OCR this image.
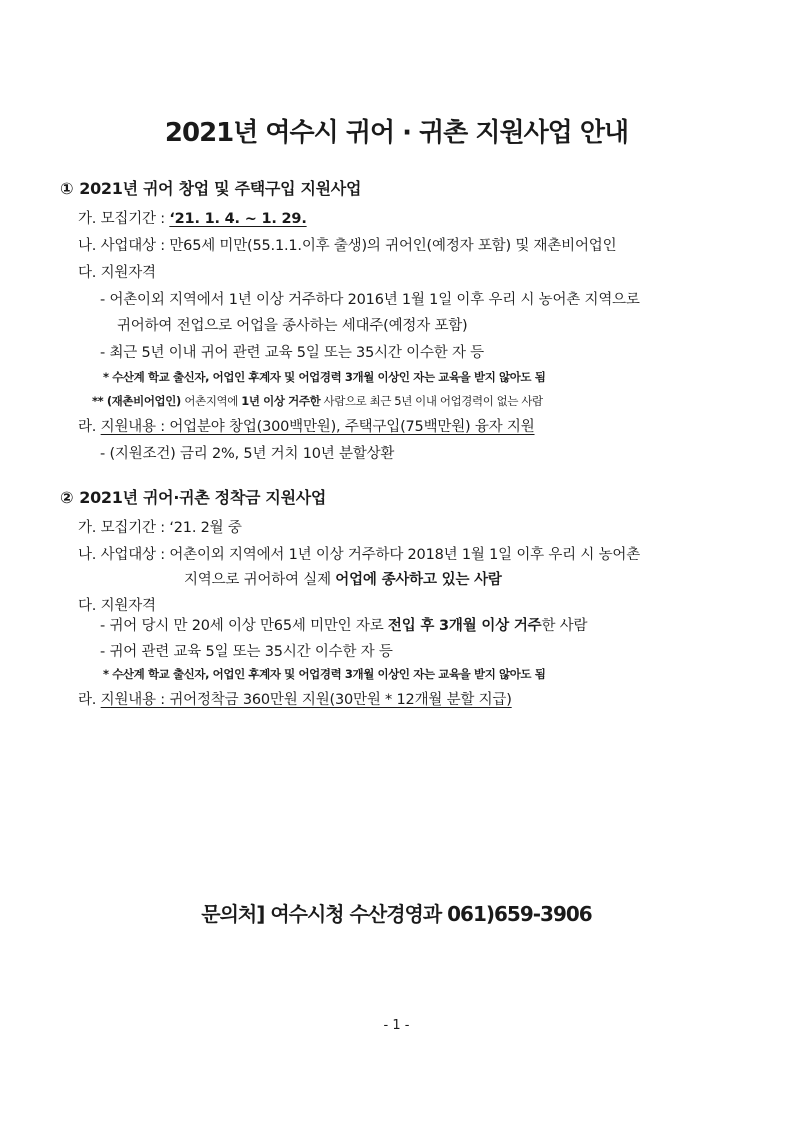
2021년 여수시 귀어 · 귀촌 지원사업 안내
① 2021년 귀어 창업 및 주택구입 지원사업
가. 모집기간 : ‘21. 1. 4. ~ 1. 29.
나. 사업대상 : 만65세 미만(55.1.1.이후 출생)의 귀어인(예정자 포함) 및 재촌비어업인
다. 지원자격
- 어촌이외 지역에서 1년 이상 거주하다 2016년 1월 1일 이후 우리 시 농어촌 지역으로
귀어하여 전업으로 어업을 종사하는 세대주(예정자 포함)
- 최근 5년 이내 귀어 관련 교육 5일 또는 35시간 이수한 자 등
* 수산계 학교 출신자, 어업인 후계자 및 어업경력 3개월 이상인 자는 교육을 받지 않아도 됨
** (재촌비어업인) 어촌지역에 1년 이상 거주한 사람으로 최근 5년 이내 어업경력이 없는 사람
라. 지원내용 : 어업분야 창업(300백만원), 주택구입(75백만원) 융자 지원
- (지원조건) 금리 2%, 5년 거치 10년 분할상환
② 2021년 귀어·귀촌 정착금 지원사업
가. 모집기간 : ‘21. 2월 중
나. 사업대상 : 어촌이외 지역에서 1년 이상 거주하다 2018년 1월 1일 이후 우리 시 농어촌
지역으로 귀어하여 실제 어업에 종사하고 있는 사람
다. 지원자격
- 귀어 당시 만 20세 이상 만65세 미만인 자로 전입 후 3개월 이상 거주한 사람
- 귀어 관련 교육 5일 또는 35시간 이수한 자 등
* 수산계 학교 출신자, 어업인 후계자 및 어업경력 3개월 이상인 자는 교육을 받지 않아도 됨
라. 지원내용 : 귀어정착금 360만원 지원(30만원 * 12개월 분할 지급)
문의처] 여수시청 수산경영과 061)659-3906
- 1 -
